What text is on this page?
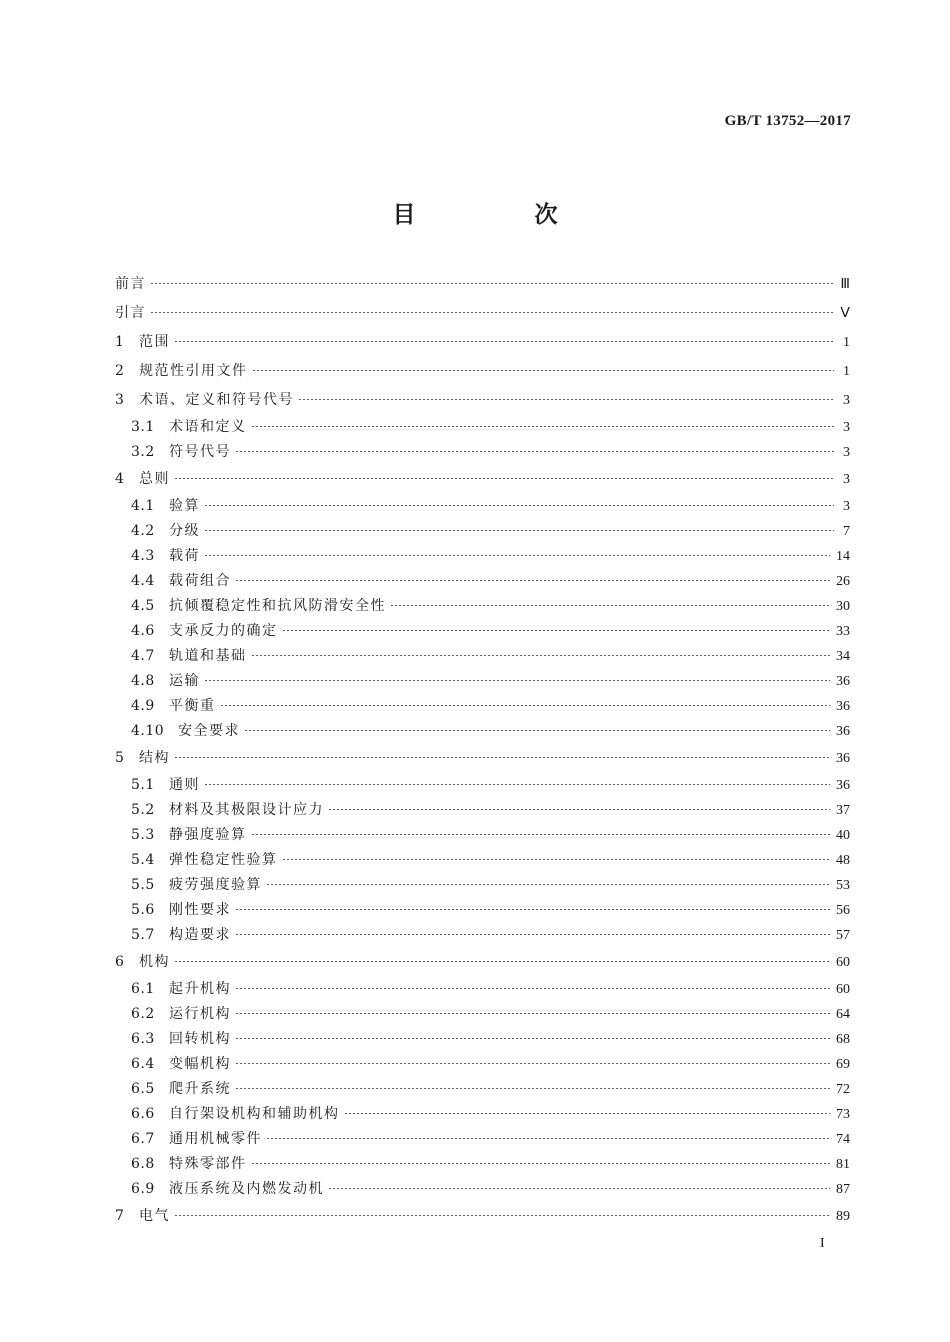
GB/T 13752—2017
目　次
前言	Ⅲ
引言	Ⅴ
1	范围	1
2	规范性引用文件	1
3	术语、定义和符号代号	3
3.1	术语和定义	3
3.2	符号代号	3
4	总则	3
4.1	验算	3
4.2	分级	7
4.3	载荷	14
4.4	载荷组合	26
4.5	抗倾覆稳定性和抗风防滑安全性	30
4.6	支承反力的确定	33
4.7	轨道和基础	34
4.8	运输	36
4.9	平衡重	36
4.10 安全要求	36
5	结构	36
5.1	通则	36
5.2	材料及其极限设计应力	37
5.3	静强度验算	40
5.4	弹性稳定性验算	48
5.5	疲劳强度验算	53
5.6	刚性要求	56
5.7	构造要求	57
6	机构	60
6.1	起升机构	60
6.2	运行机构	64
6.3	回转机构	68
6.4	变幅机构	69
6.5	爬升系统	72
6.6	自行架设机构和辅助机构	73
6.7	通用机械零件	74
6.8	特殊零部件	81
6.9	液压系统及内燃发动机	87
7	电气	89
I
